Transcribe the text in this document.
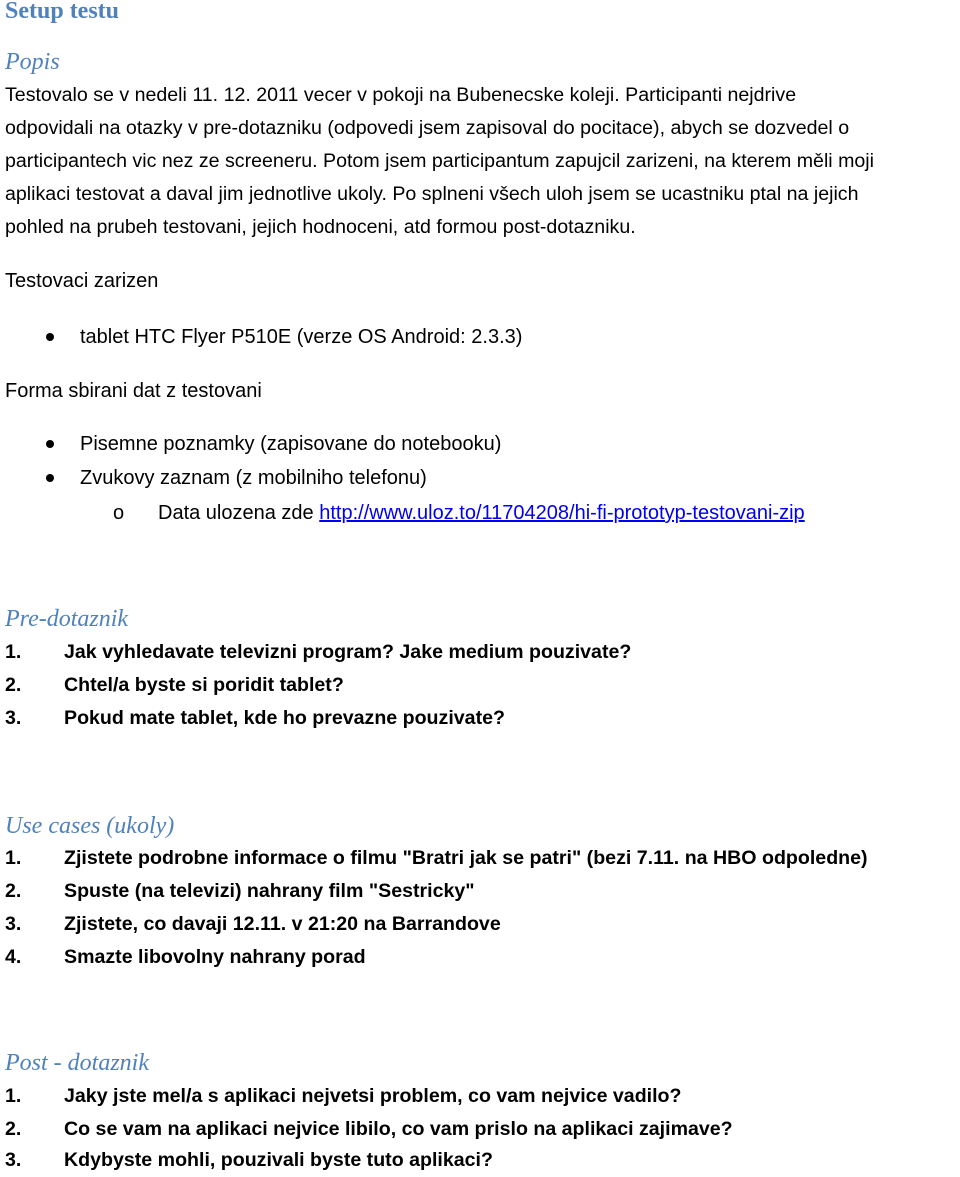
Setup testu
Popis
Testovalo se v nedeli 11. 12. 2011 vecer v pokoji na Bubenecske koleji. Participanti nejdrive
odpovidali na otazky v pre-dotazniku (odpovedi jsem zapisoval do pocitace), abych se dozvedel o
participantech vic nez ze screeneru. Potom jsem participantum zapujcil zarizeni, na kterem měli moji
aplikaci testovat a daval jim jednotlive ukoly. Po splneni všech uloh jsem se ucastniku ptal na jejich
pohled na prubeh testovani, jejich hodnoceni, atd formou post-dotazniku.
Testovaci zarizen
tablet HTC Flyer P510E (verze OS Android: 2.3.3)
Forma sbirani dat z testovani
Pisemne poznamky (zapisovane do notebooku)
Zvukovy zaznam (z mobilniho telefonu)
o Data ulozena zde http://www.uloz.to/11704208/hi-fi-prototyp-testovani-zip
Pre-dotaznik
1. Jak vyhledavate televizni program? Jake medium pouzivate?
2. Chtel/a byste si poridit tablet?
3. Pokud mate tablet, kde ho prevazne pouzivate?
Use cases (ukoly)
1. Zjistete podrobne informace o filmu "Bratri jak se patri" (bezi 7.11. na HBO odpoledne)
2. Spuste (na televizi) nahrany film "Sestricky"
3. Zjistete, co davaji 12.11. v 21:20 na Barrandove
4. Smazte libovolny nahrany porad
Post - dotaznik
1. Jaky jste mel/a s aplikaci nejvetsi problem, co vam nejvice vadilo?
2. Co se vam na aplikaci nejvice libilo, co vam prislo na aplikaci zajimave?
3. Kdybyste mohli, pouzivali byste tuto aplikaci?
